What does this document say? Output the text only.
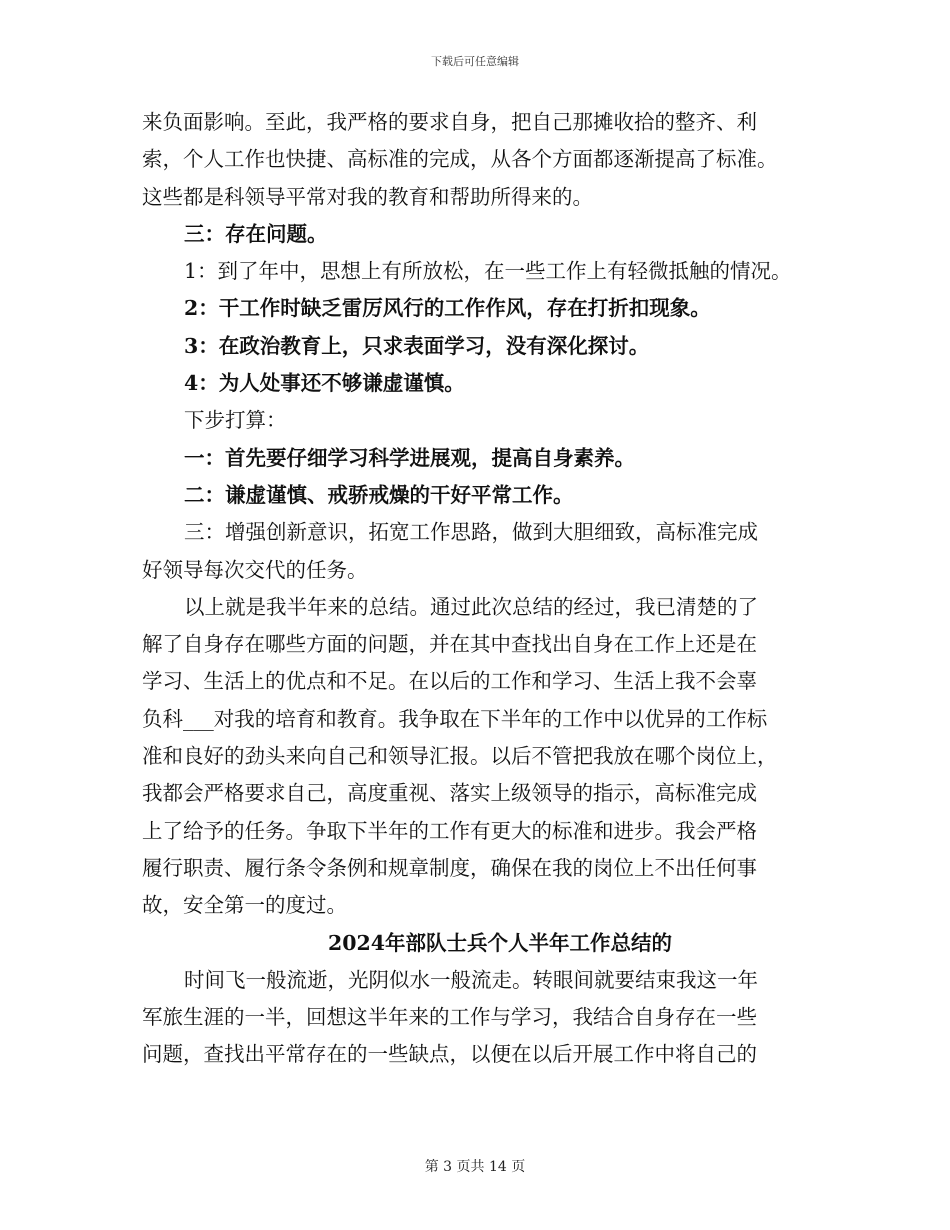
下载后可任意编辑
来负面影响。至此，我严格的要求自身，把自己那摊收拾的整齐、利
索，个人工作也快捷、高标准的完成，从各个方面都逐渐提高了标准。
这些都是科领导平常对我的教育和帮助所得来的。
三：存在问题。
1：到了年中，思想上有所放松，在一些工作上有轻微抵触的情况。
2：干工作时缺乏雷厉风行的工作作风，存在打折扣现象。
3：在政治教育上，只求表面学习，没有深化探讨。
4：为人处事还不够谦虚谨慎。
下步打算：
一：首先要仔细学习科学进展观，提高自身素养。
二：谦虚谨慎、戒骄戒燥的干好平常工作。
三：增强创新意识，拓宽工作思路，做到大胆细致，高标准完成
好领导每次交代的任务。
以上就是我半年来的总结。通过此次总结的经过，我已清楚的了
解了自身存在哪些方面的问题，并在其中查找出自身在工作上还是在
学习、生活上的优点和不足。在以后的工作和学习、生活上我不会辜
负科___对我的培育和教育。我争取在下半年的工作中以优异的工作标
准和良好的劲头来向自己和领导汇报。以后不管把我放在哪个岗位上，
我都会严格要求自己，高度重视、落实上级领导的指示，高标准完成
上了给予的任务。争取下半年的工作有更大的标准和进步。我会严格
履行职责、履行条令条例和规章制度，确保在我的岗位上不出任何事
故，安全第一的度过。
2024年部队士兵个人半年工作总结的
时间飞一般流逝，光阴似水一般流走。转眼间就要结束我这一年
军旅生涯的一半，回想这半年来的工作与学习，我结合自身存在一些
问题，查找出平常存在的一些缺点，以便在以后开展工作中将自己的
第 3 页共 14 页
